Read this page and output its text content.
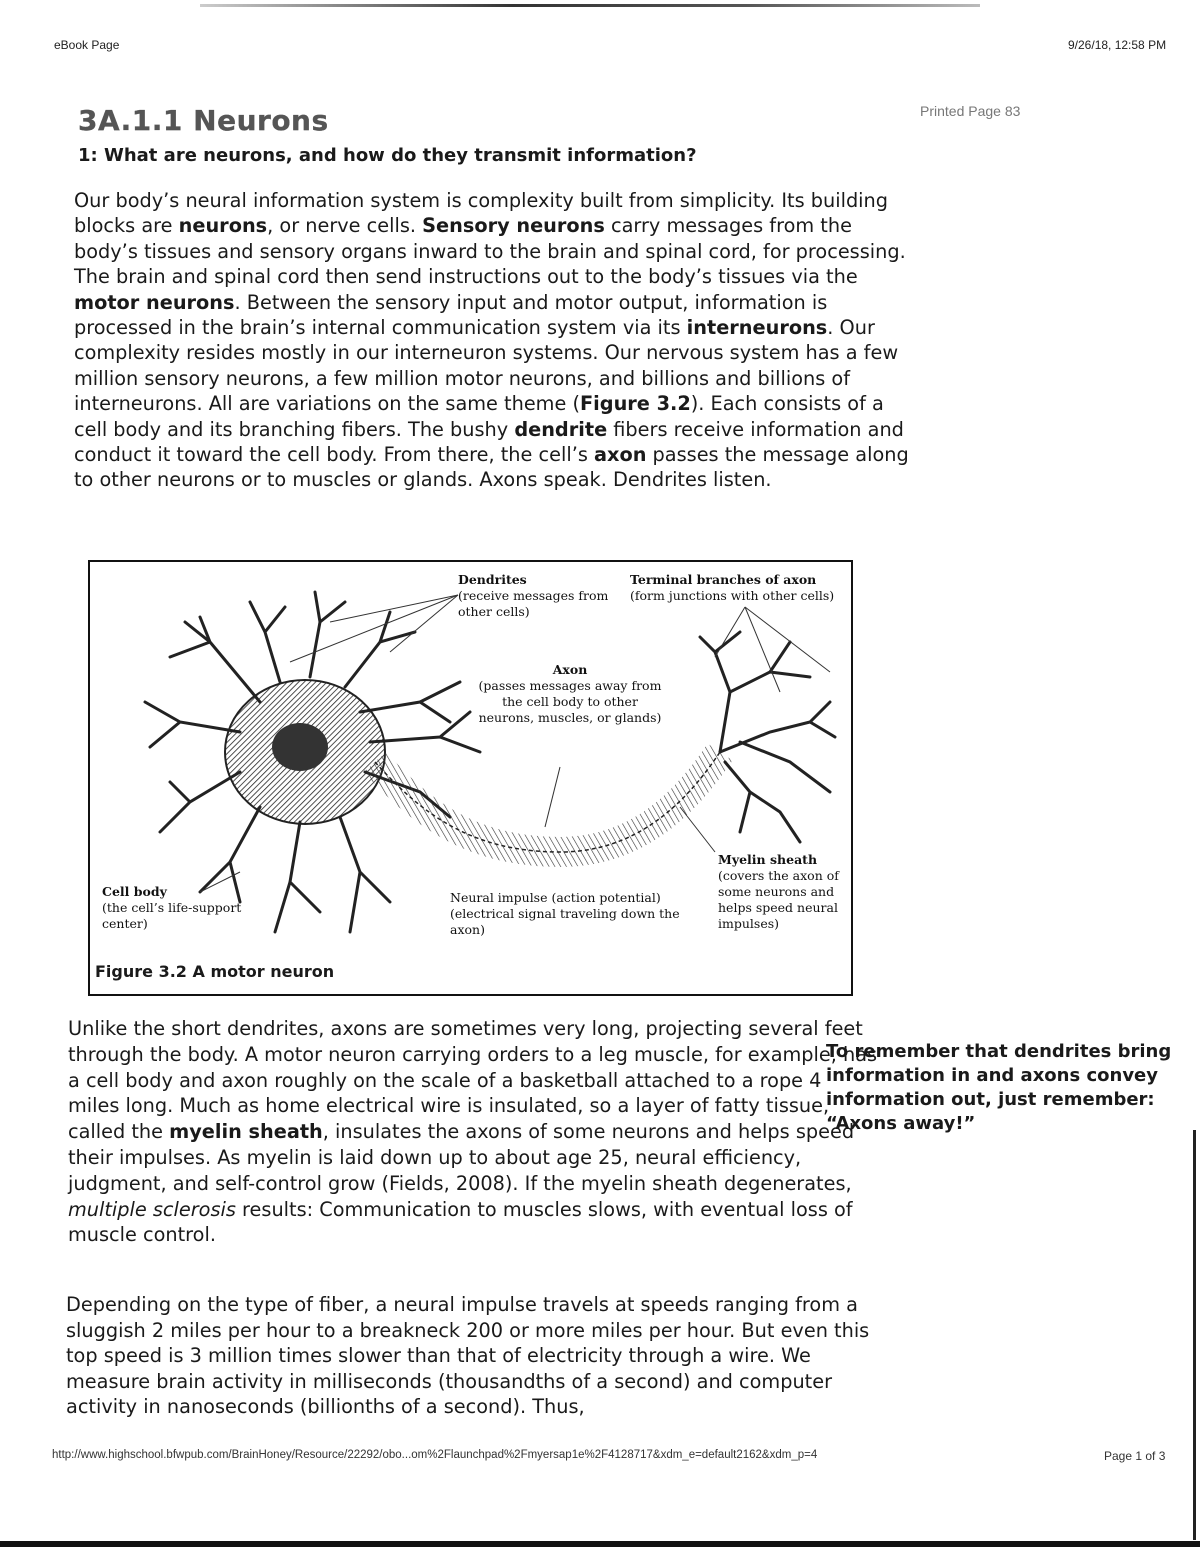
eBook Page	9/26/18, 12:58 PM
3A.1.1 Neurons	Printed Page 83
1: What are neurons, and how do they transmit information?
Our body’s neural information system is complexity built from simplicity. Its building blocks are neurons, or nerve cells. Sensory neurons carry messages from the body’s tissues and sensory organs inward to the brain and spinal cord, for processing. The brain and spinal cord then send instructions out to the body’s tissues via the motor neurons. Between the sensory input and motor output, information is processed in the brain’s internal communication system via its interneurons. Our complexity resides mostly in our interneuron systems. Our nervous system has a few million sensory neurons, a few million motor neurons, and billions and billions of interneurons. All are variations on the same theme (Figure 3.2). Each consists of a cell body and its branching fibers. The bushy dendrite fibers receive information and conduct it toward the cell body. From there, the cell’s axon passes the message along to other neurons or to muscles or glands. Axons speak. Dendrites listen.
Dendrites
(receive messages from other cells)
Terminal branches of axon
(form junctions with other cells)
Axon
(passes messages away from the cell body to other neurons, muscles, or glands)
Cell body
(the cell’s life-support center)
Neural impulse (action potential) (electrical signal traveling down the axon)
Myelin sheath
(covers the axon of some neurons and helps speed neural impulses)
Figure 3.2 A motor neuron
Unlike the short dendrites, axons are sometimes very long, projecting several feet through the body. A motor neuron carrying orders to a leg muscle, for example, has a cell body and axon roughly on the scale of a basketball attached to a rope 4 miles long. Much as home electrical wire is insulated, so a layer of fatty tissue, called the myelin sheath, insulates the axons of some neurons and helps speed their impulses. As myelin is laid down up to about age 25, neural efficiency, judgment, and self-control grow (Fields, 2008). If the myelin sheath degenerates, multiple sclerosis results: Communication to muscles slows, with eventual loss of muscle control.
To remember that dendrites bring information in and axons convey information out, just remember: “Axons away!”
Depending on the type of fiber, a neural impulse travels at speeds ranging from a sluggish 2 miles per hour to a breakneck 200 or more miles per hour. But even this top speed is 3 million times slower than that of electricity through a wire. We measure brain activity in milliseconds (thousandths of a second) and computer activity in nanoseconds (billionths of a second). Thus,
http://www.highschool.bfwpub.com/BrainHoney/Resource/22292/obo...om%2Flaunchpad%2Fmyersap1e%2F4128717&xdm_e=default2162&xdm_p=4	Page 1 of 3
